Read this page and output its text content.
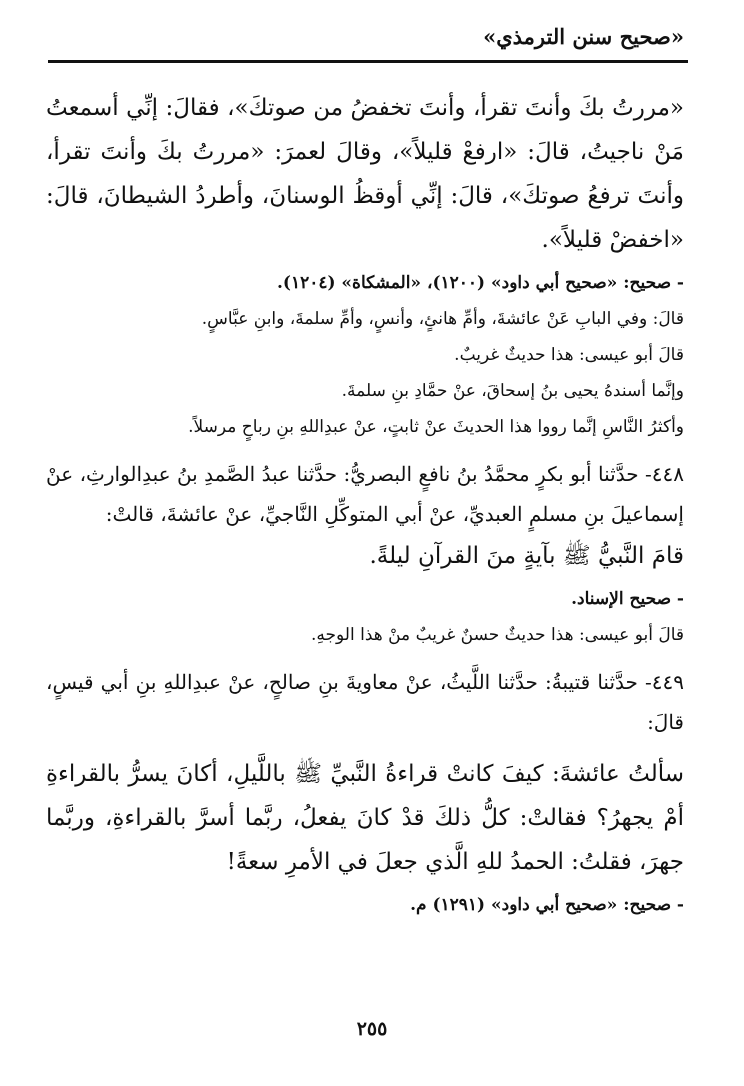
«صحيح سنن الترمذي»

«مررتُ بكَ وأنتَ تقرأ، وأنتَ تخفضُ من صوتكَ»، فقالَ: إنِّي أسمعتُ مَنْ ناجيتُ، قالَ: «ارفعْ قليلاً»، وقالَ لعمرَ: «مررتُ بكَ وأنتَ تقرأ، وأنتَ ترفعُ صوتكَ»، قالَ: إنِّي أوقظُ الوسنانَ، وأطردُ الشيطانَ، قالَ: «اخفضْ قليلاً».

- صحيح: «صحيح أبي داود» (١٢٠٠)، «المشكاة» (١٢٠٤).

قالَ: وفي البابِ عَنْ عائشةَ، وأمِّ هانئٍ، وأنسٍ، وأمِّ سلمةَ، وابنِ عبَّاسٍ.

قالَ أبو عيسى: هذا حديثٌ غريبٌ.

وإنَّما أسندهُ يحيى بنُ إسحاقَ، عنْ حمَّادِ بنِ سلمةَ.

وأكثرُ النَّاسِ إنَّما رووا هذا الحديثَ عنْ ثابتٍ، عنْ عبدِاللهِ بنِ رباحٍ مرسلاً.

٤٤٨- حدَّثنا أبو بكرٍ محمَّدُ بنُ نافعٍ البصريُّ: حدَّثنا عبدُ الصَّمدِ بنُ عبدِالوارثِ، عنْ إسماعيلَ بنِ مسلمٍ العبديِّ، عنْ أبي المتوكِّلِ النَّاجيِّ، عنْ عائشةَ، قالتْ:

قامَ النَّبيُّ ﷺ بآيةٍ منَ القرآنِ ليلةً.

- صحيح الإسناد.

قالَ أبو عيسى: هذا حديثٌ حسنٌ غريبٌ منْ هذا الوجهِ.

٤٤٩- حدَّثنا قتيبةُ: حدَّثنا اللَّيثُ، عنْ معاويةَ بنِ صالحٍ، عنْ عبدِاللهِ بنِ أبي قيسٍ، قالَ:

سألتُ عائشةَ: كيفَ كانتْ قراءةُ النَّبيِّ ﷺ باللَّيلِ، أكانَ يسرُّ بالقراءةِ أمْ يجهرُ؟ فقالتْ: كلُّ ذلكَ قدْ كانَ يفعلُ، ربَّما أسرَّ بالقراءةِ، وربَّما جهرَ، فقلتُ: الحمدُ للهِ الَّذي جعلَ في الأمرِ سعةً!

- صحيح: «صحيح أبي داود» (١٢٩١) م.

٢٥٥
